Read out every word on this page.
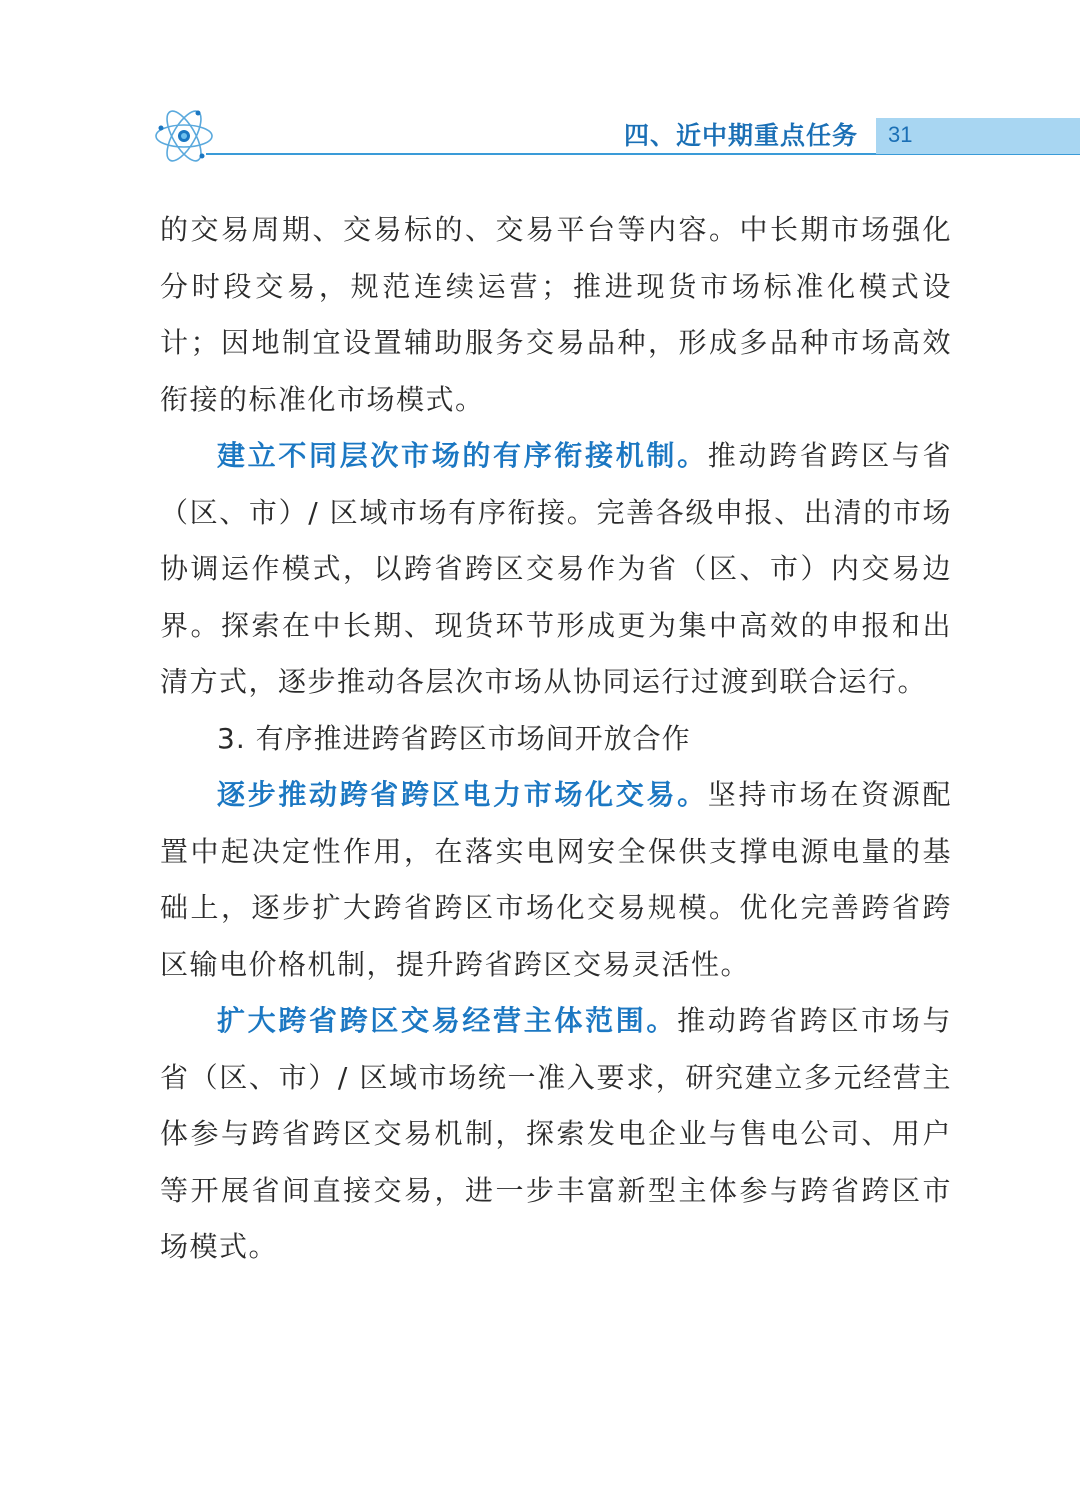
四、近中期重点任务 31

的交易周期、交易标的、交易平台等内容。中长期市场强化分时段交易，规范连续运营；推进现货市场标准化模式设计；因地制宜设置辅助服务交易品种，形成多品种市场高效衔接的标准化市场模式。

建立不同层次市场的有序衔接机制。推动跨省跨区与省（区、市）/ 区域市场有序衔接。完善各级申报、出清的市场协调运作模式，以跨省跨区交易作为省（区、市）内交易边界。探索在中长期、现货环节形成更为集中高效的申报和出清方式，逐步推动各层次市场从协同运行过渡到联合运行。

3. 有序推进跨省跨区市场间开放合作

逐步推动跨省跨区电力市场化交易。坚持市场在资源配置中起决定性作用，在落实电网安全保供支撑电源电量的基础上，逐步扩大跨省跨区市场化交易规模。优化完善跨省跨区输电价格机制，提升跨省跨区交易灵活性。

扩大跨省跨区交易经营主体范围。推动跨省跨区市场与省（区、市）/ 区域市场统一准入要求，研究建立多元经营主体参与跨省跨区交易机制，探索发电企业与售电公司、用户等开展省间直接交易，进一步丰富新型主体参与跨省跨区市场模式。
